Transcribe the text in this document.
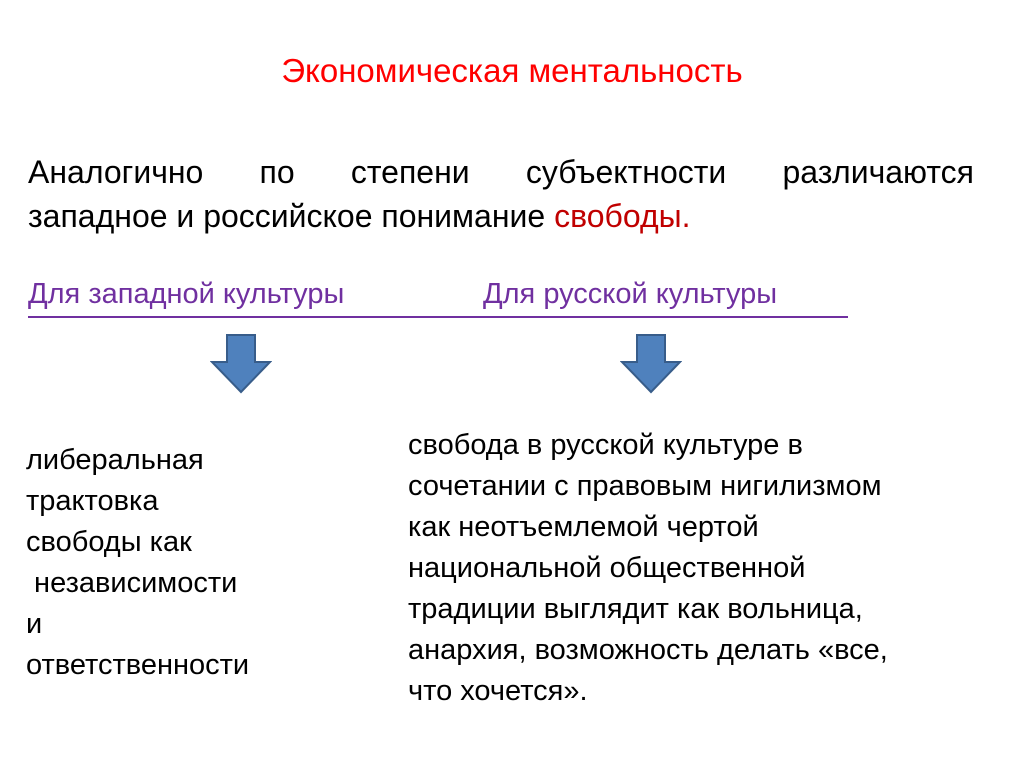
Экономическая ментальность
Аналогично по степени субъектности различаются
западное и российское понимание свободы.
Для западной культуры	Для русской культуры
либеральная
трактовка
свободы как
независимости
и
ответственности
свобода в русской культуре в
сочетании с правовым нигилизмом
как неотъемлемой чертой
национальной общественной
традиции выглядит как вольница,
анархия, возможность делать «все,
что хочется».
